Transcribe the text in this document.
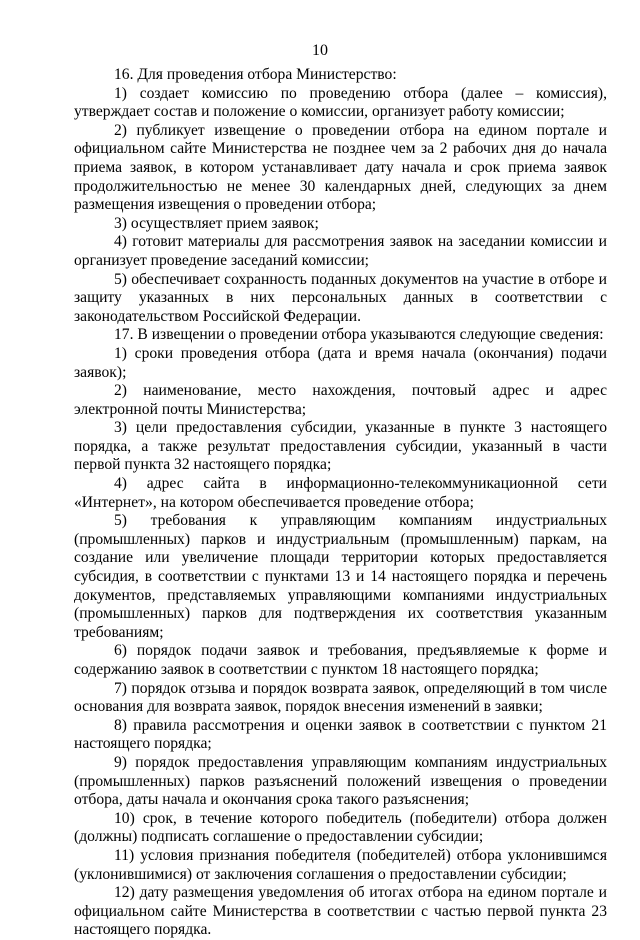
10

16. Для проведения отбора Министерство:

1) создает комиссию по проведению отбора (далее – комиссия), утверждает состав и положение о комиссии, организует работу комиссии;

2) публикует извещение о проведении отбора на едином портале и официальном сайте Министерства не позднее чем за 2 рабочих дня до начала приема заявок, в котором устанавливает дату начала и срок приема заявок продолжительностью не менее 30 календарных дней, следующих за днем размещения извещения о проведении отбора;

3) осуществляет прием заявок;

4) готовит материалы для рассмотрения заявок на заседании комиссии и организует проведение заседаний комиссии;

5) обеспечивает сохранность поданных документов на участие в отборе и защиту указанных в них персональных данных в соответствии с законодательством Российской Федерации.

17. В извещении о проведении отбора указываются следующие сведения:

1) сроки проведения отбора (дата и время начала (окончания) подачи заявок);

2) наименование, место нахождения, почтовый адрес и адрес электронной почты Министерства;

3) цели предоставления субсидии, указанные в пункте 3 настоящего порядка, а также результат предоставления субсидии, указанный в части первой пункта 32 настоящего порядка;

4) адрес сайта в информационно-телекоммуникационной сети «Интернет», на котором обеспечивается проведение отбора;

5) требования к управляющим компаниям индустриальных (промышленных) парков и индустриальным (промышленным) паркам, на создание или увеличение площади территории которых предоставляется субсидия, в соответствии с пунктами 13 и 14 настоящего порядка и перечень документов, представляемых управляющими компаниями индустриальных (промышленных) парков для подтверждения их соответствия указанным требованиям;

6) порядок подачи заявок и требования, предъявляемые к форме и содержанию заявок в соответствии с пунктом 18 настоящего порядка;

7) порядок отзыва и порядок возврата заявок, определяющий в том числе основания для возврата заявок, порядок внесения изменений в заявки;

8) правила рассмотрения и оценки заявок в соответствии с пунктом 21 настоящего порядка;

9) порядок предоставления управляющим компаниям индустриальных (промышленных) парков разъяснений положений извещения о проведении отбора, даты начала и окончания срока такого разъяснения;

10) срок, в течение которого победитель (победители) отбора должен (должны) подписать соглашение о предоставлении субсидии;

11) условия признания победителя (победителей) отбора уклонившимся (уклонившимися) от заключения соглашения о предоставлении субсидии;

12) дату размещения уведомления об итогах отбора на едином портале и официальном сайте Министерства в соответствии с частью первой пункта 23 настоящего порядка.
